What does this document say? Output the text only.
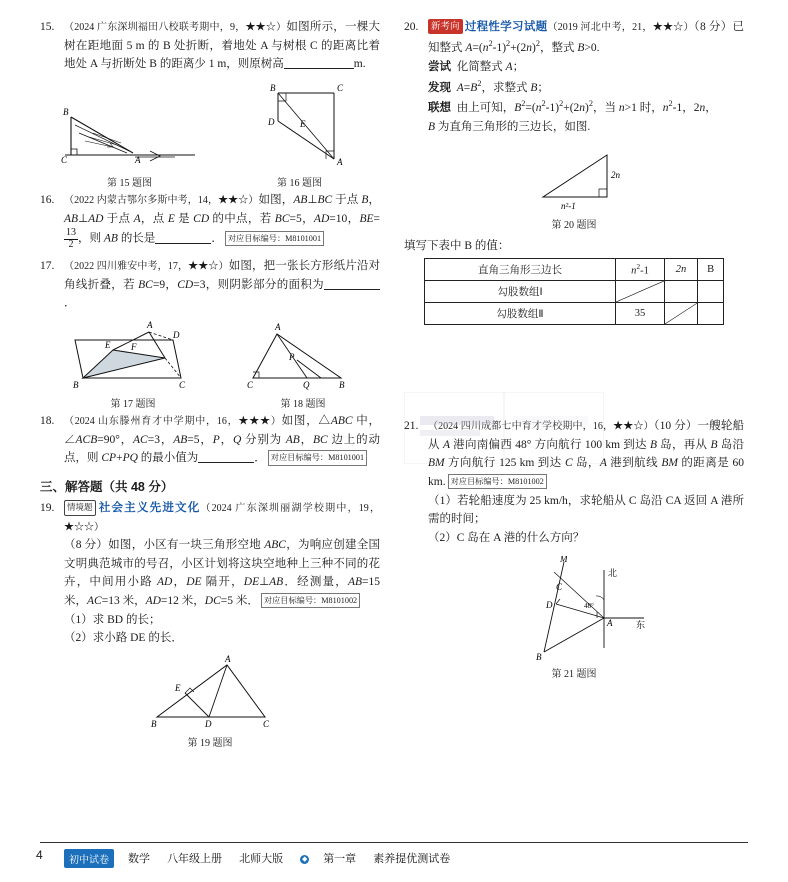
15. （2024 广东深圳福田八校联考期中，9，★★☆）如图所示，一棵大树在距地面 5 m 的 B 处折断，着地处 A 与树根 C 的距离比着地处 A 与折断处 B 的距离少 1 m，则原树高	m.
B
C	A
第 15 题图
B	C
E
D
A
第 16 题图
16. （2022 内蒙古鄂尔多斯中考，14，★★☆）如图，AB⊥BC 于点 B，AB⊥AD 于点 A，点 E 是 CD 的中点，若 BC=5，AD=10，BE=
$\frac{13}{2}$ ，则 AB 的长是	． 对应目标编号：M8101001
17. （2022 四川雅安中考，17，★★☆）如图，把一张长方形纸片沿对角线折叠，若 BC=9，CD=3，则阴影部分的面积为．
A
E F
D
B	C
第 17 题图
A
P
C	Q	B
第 18 题图
18. （2024 山东滕州育才中学期中，16，★★★）如图，△ABC 中，∠ACB=90°，AC=3，AB=5，P，Q 分别为 AB，BC 边上的动点，则 CP+PQ 的最小值为	． 对应目标编号：M8101001
三、解答题（共 48 分）
19.	情境题 社会主义先进文化（2024 广东深圳丽湖学校期中，19，★☆☆）
（8 分）如图，小区有一块三角形空地 ABC，为响应创建全国文明典范城市的号召，小区计划将这块空地种上三种不同的花卉，中间用小路 AD，DE 隔开，DE⊥AB．经测量，AB=15 米，AC=13 米，AD=12 米，DC=5 米． 对应目标编号：M8101002
（1）求 BD 的长；
（2）求小路 DE 的长．
A
E
B	D	C
第 19 题图
20.	新考向 过程性学习试题（2019 河北中考，21，★★☆）（8 分）已知整式 $A=(n^2-1)^2+(2n)^2$，整式 B>0.
尝试  化简整式 A；
发现 $A=B^2$，求整式 B；
联想  由上可知，$B^2=(n^2-1)^2+(2n)^2$，当 n>1 时，$n^2-1$，2n，
B 为直角三角形的三边长，如图.
2n
n²-1
第 20 题图
填写下表中 B 的值：
直角三角形三边长	$n^2-1$	2n	B
勾股数组Ⅰ	

勾股数组Ⅱ	35	

21. （2024 四川成都七中育才学校期中，16，★★☆）（10 分）一艘轮船从 A 港向南偏西 48° 方向航行 100 km 到达 B 岛，再从 B 岛沿 BM 方向航行 125 km 到达 C 岛，A 港到航线 BM 的距离是 60 km. 对应目标编号：M8101002
（1）若轮船速度为 25 km/h，求轮船从 C 岛沿 CA 返回 A 港所需的时间；
（2）C 岛在 A 港的什么方向？
M
北
C
D
A	东
B
48°
第 21 题图
4	初中试卷	数学 八年级上册 北师大版	◆ 第一章 素养提优测试卷
